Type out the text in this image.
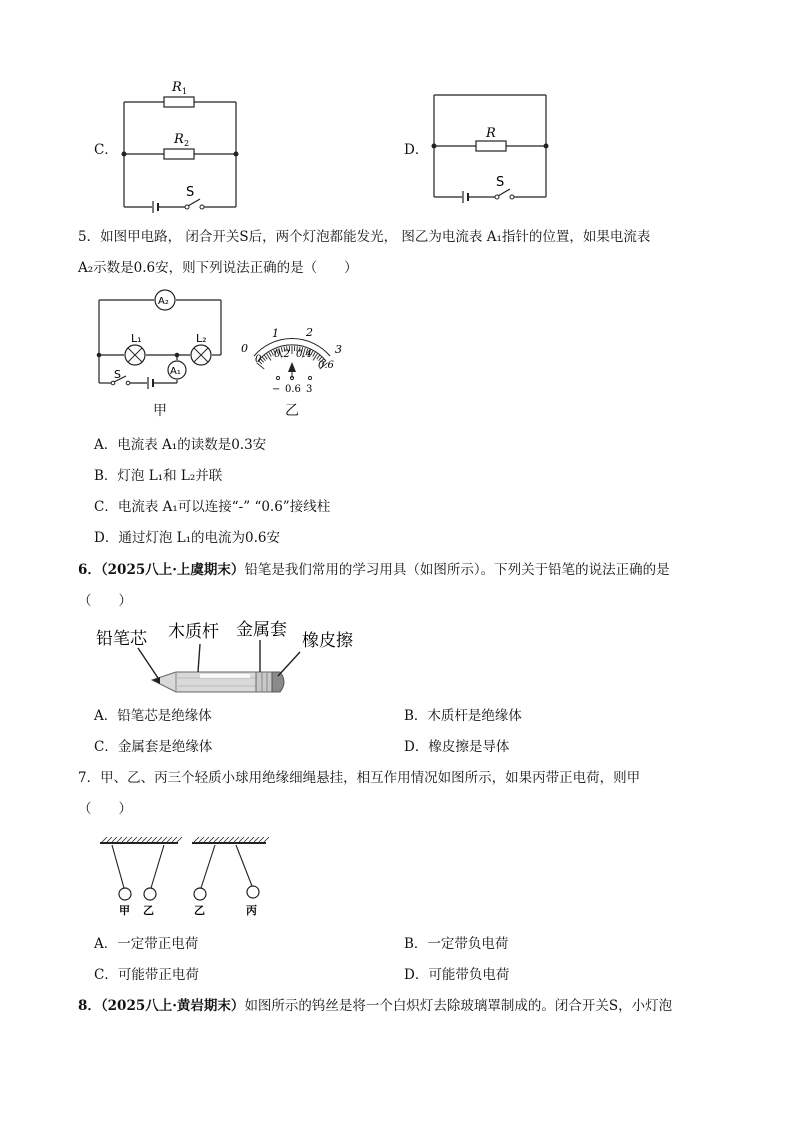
C．
R 1
R 2
S
D．
R
S
5．如图甲电路， 闭合开关S后，两个灯泡都能发光， 图乙为电流表 A₁指针的位置，如果电流表
A₂示数是0.6安，则下列说法正确的是（　　）
A₂
A₁
L₁	L₂
S
甲
0
1 2
3
0 0.2 0.4
0.6
− 0.6 3
乙
A．电流表 A₁的读数是0.3安
B．灯泡 L₁和 L₂并联
C．电流表 A₁可以连接“-” “0.6”接线柱
D．通过灯泡 L₁的电流为0.6安
6．（2025八上·上虞期末）铅笔是我们常用的学习用具（如图所示）。下列关于铅笔的说法正确的是
（　　）
铅笔芯 木质杆 金属套
橡皮擦
A．铅笔芯是绝缘体	B．木质杆是绝缘体
C．金属套是绝缘体	D．橡皮擦是导体
7．甲、乙、丙三个轻质小球用绝缘细绳悬挂，相互作用情况如图所示，如果丙带正电荷，则甲
（　　）
甲 乙	乙	丙
A．一定带正电荷	B．一定带负电荷
C．可能带正电荷	D．可能带负电荷
8．（2025八上·黄岩期末）如图所示的钨丝是将一个白炽灯去除玻璃罩制成的。闭合开关S，小灯泡
